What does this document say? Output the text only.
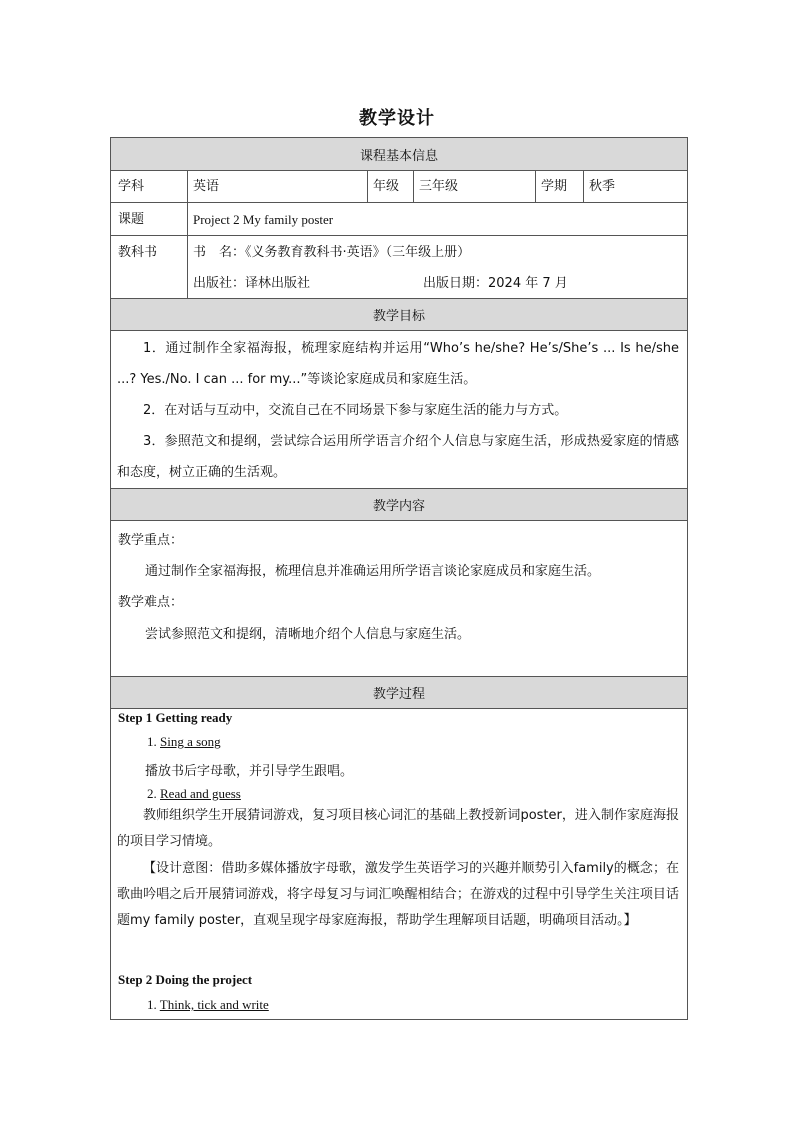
教学设计
课程基本信息
学科	英语	年级 三年级	学期 秋季
课题	Project 2 My family poster
教科书	书　名：《义务教育教科书·英语》（三年级上册）
出版社：译林出版社	出版日期：2024 年 7 月
教学目标
1．通过制作全家福海报，梳理家庭结构并运用“Who’s he/she? He’s/She’s ... Is he/she ...? Yes./No. I can ... for my...”等谈论家庭成员和家庭生活。
2．在对话与互动中，交流自己在不同场景下参与家庭生活的能力与方式。
3．参照范文和提纲，尝试综合运用所学语言介绍个人信息与家庭生活，形成热爱家庭的情感和态度，树立正确的生活观。
教学内容
教学重点：
通过制作全家福海报，梳理信息并准确运用所学语言谈论家庭成员和家庭生活。
教学难点：
尝试参照范文和提纲，清晰地介绍个人信息与家庭生活。
教学过程
Step 1 Getting ready
1. Sing a song
播放书后字母歌，并引导学生跟唱。
2. Read and guess
教师组织学生开展猜词游戏，复习项目核心词汇的基础上教授新词poster，进入制作家庭海报的项目学习情境。
【设计意图：借助多媒体播放字母歌，激发学生英语学习的兴趣并顺势引入family的概念；在歌曲吟唱之后开展猜词游戏，将字母复习与词汇唤醒相结合；在游戏的过程中引导学生关注项目话题my family poster，直观呈现字母家庭海报，帮助学生理解项目话题，明确项目活动。】
Step 2 Doing the project
1. Think, tick and write
